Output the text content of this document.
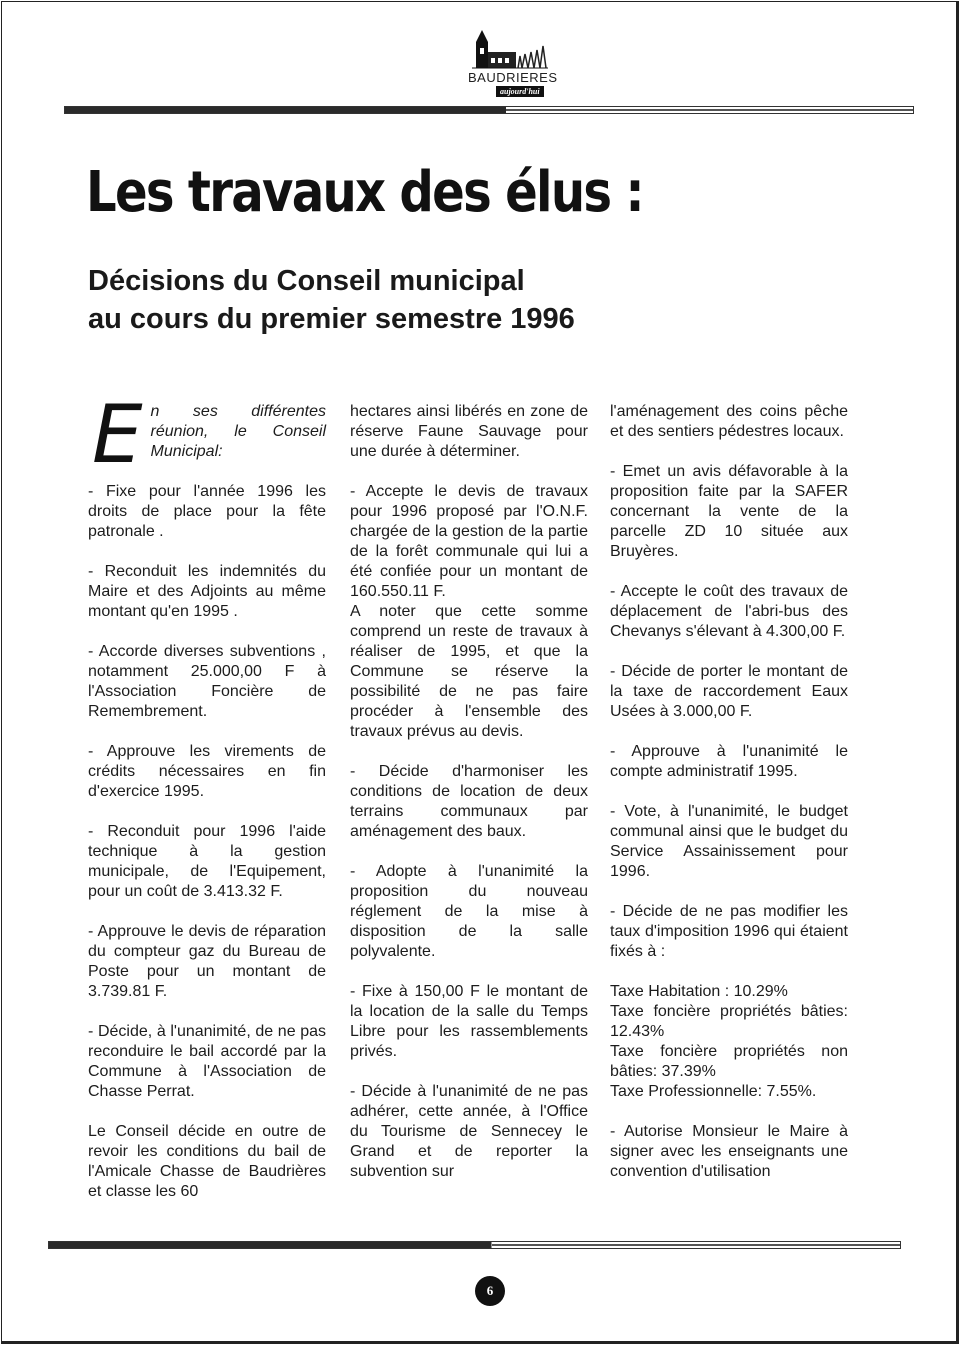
BAUDRIERES
aujourd'hui
Les travaux des élus :
Décisions du Conseil municipal
au cours du premier semestre 1996

E n ses différentes réunion, le Conseil Municipal:

- Fixe pour l'année 1996 les droits de place pour la fête patronale .

- Reconduit les indemnités du Maire et des Adjoints au même montant qu'en 1995 .

- Accorde diverses subventions , notamment 25.000,00 F à l'Association Foncière de Remembrement.

- Approuve les virements de crédits nécessaires en fin d'exercice 1995.

- Reconduit pour 1996 l'aide technique à la gestion municipale, de l'Equipement, pour un coût de 3.413.32 F.

- Approuve le devis de réparation du compteur gaz du Bureau de Poste pour un montant de 3.739.81 F.

- Décide, à l'unanimité, de ne pas reconduire le bail accordé par la Commune à l'Association de Chasse Perrat.

Le Conseil décide en outre de revoir les conditions du bail de l'Amicale Chasse de Baudrières et classe les 60

hectares ainsi libérés en zone de réserve Faune Sauvage pour une durée à déterminer.

- Accepte le devis de travaux pour 1996 proposé par l'O.N.F. chargée de la gestion de la partie de la forêt communale qui lui a été confiée pour un montant de 160.550.11 F.

A noter que cette somme comprend un reste de travaux à réaliser de 1995, et que la Commune se réserve la possibilité de ne pas faire procéder à l'ensemble des travaux prévus au devis.

- Décide d'harmoniser les conditions de location de deux terrains communaux par aménagement des baux.

- Adopte à l'unanimité la proposition du nouveau réglement de la mise à disposition de la salle polyvalente.

- Fixe à 150,00 F le montant de la location de la salle du Temps Libre pour les rassemblements privés.

- Décide à l'unanimité de ne pas adhérer, cette année, à l'Office du Tourisme de Sennecey le Grand et de reporter la subvention sur

l'aménagement des coins pêche et des sentiers pédestres locaux.

- Emet un avis défavorable à la proposition faite par la SAFER concernant la vente de la parcelle ZD 10 située aux Bruyères.

- Accepte le coût des travaux de déplacement de l'abri-bus des Chevanys s'élevant à 4.300,00 F.

- Décide de porter le montant de la taxe de raccordement Eaux Usées à 3.000,00 F.

- Approuve à l'unanimité le compte administratif 1995.

- Vote, à l'unanimité, le budget communal ainsi que le budget du Service Assainissement pour 1996.

- Décide de ne pas modifier les taux d'imposition 1996 qui étaient fixés à :

Taxe Habitation : 10.29%

Taxe foncière propriétés bâties: 12.43%

Taxe foncière propriétés non bâties: 37.39%

Taxe Professionnelle: 7.55%.

- Autorise Monsieur le Maire à signer avec les enseignants une convention d'utilisation

6
